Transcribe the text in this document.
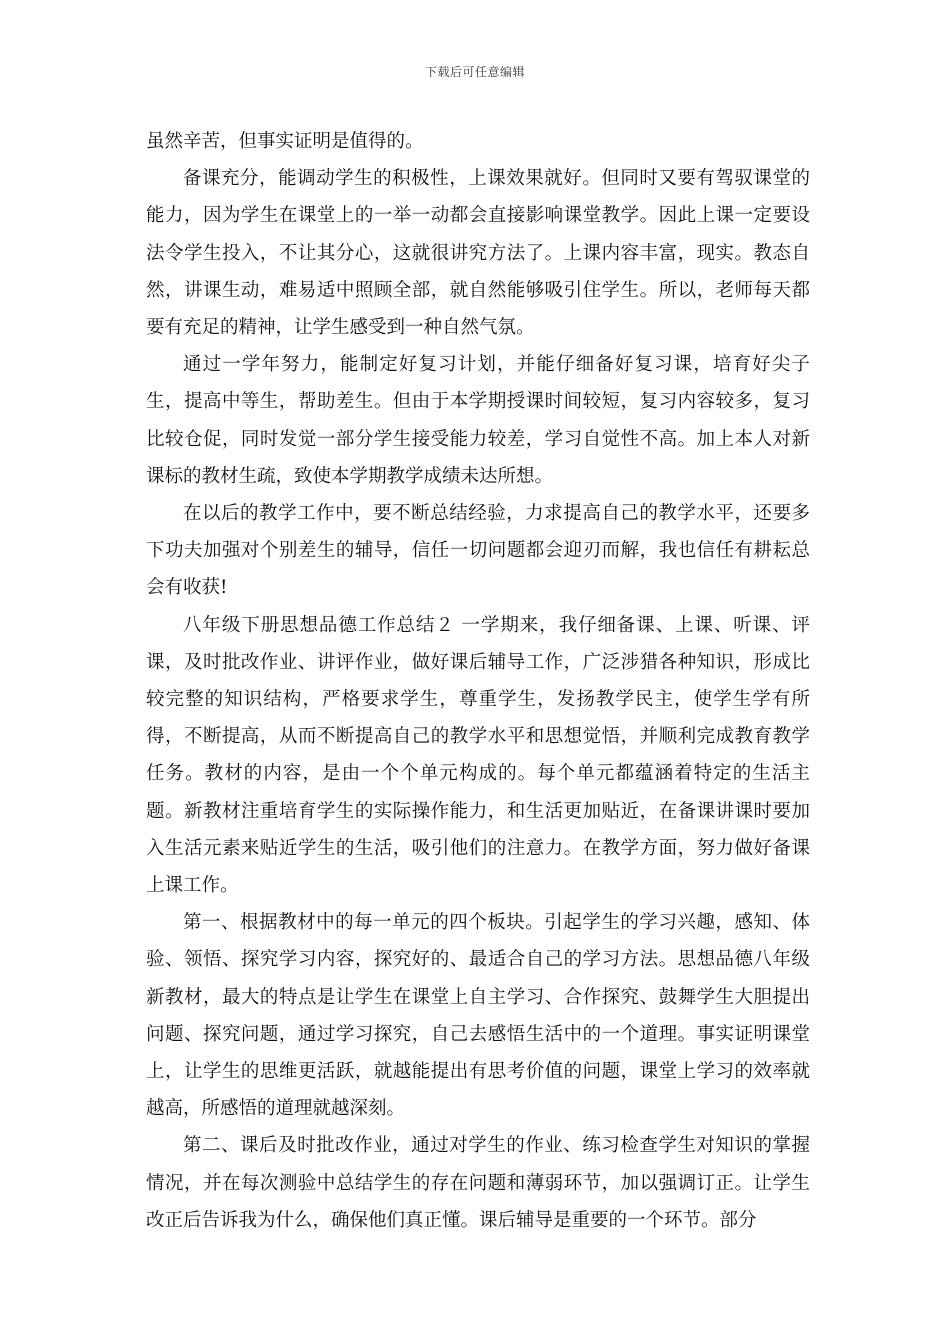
下载后可任意编辑

虽然辛苦，但事实证明是值得的。

备课充分，能调动学生的积极性，上课效果就好。但同时又要有驾驭课堂的能力，因为学生在课堂上的一举一动都会直接影响课堂教学。因此上课一定要设法令学生投入，不让其分心，这就很讲究方法了。上课内容丰富，现实。教态自然，讲课生动，难易适中照顾全部，就自然能够吸引住学生。所以，老师每天都要有充足的精神，让学生感受到一种自然气氛。

通过一学年努力，能制定好复习计划，并能仔细备好复习课，培育好尖子生，提高中等生，帮助差生。但由于本学期授课时间较短，复习内容较多，复习比较仓促，同时发觉一部分学生接受能力较差，学习自觉性不高。加上本人对新课标的教材生疏，致使本学期教学成绩未达所想。

在以后的教学工作中，要不断总结经验，力求提高自己的教学水平，还要多下功夫加强对个别差生的辅导，信任一切问题都会迎刃而解，我也信任有耕耘总会有收获!

八年级下册思想品德工作总结２ 一学期来，我仔细备课、上课、听课、评课，及时批改作业、讲评作业，做好课后辅导工作，广泛涉猎各种知识，形成比较完整的知识结构，严格要求学生，尊重学生，发扬教学民主，使学生学有所得，不断提高，从而不断提高自己的教学水平和思想觉悟，并顺利完成教育教学任务。教材的内容，是由一个个单元构成的。每个单元都蕴涵着特定的生活主题。新教材注重培育学生的实际操作能力，和生活更加贴近，在备课讲课时要加入生活元素来贴近学生的生活，吸引他们的注意力。在教学方面，努力做好备课上课工作。

第一、根据教材中的每一单元的四个板块。引起学生的学习兴趣，感知、体验、领悟、探究学习内容，探究好的、最适合自己的学习方法。思想品德八年级新教材，最大的特点是让学生在课堂上自主学习、合作探究、鼓舞学生大胆提出问题、探究问题，通过学习探究，自己去感悟生活中的一个道理。事实证明课堂上，让学生的思维更活跃，就越能提出有思考价值的问题，课堂上学习的效率就越高，所感悟的道理就越深刻。

第二、课后及时批改作业，通过对学生的作业、练习检查学生对知识的掌握情况，并在每次测验中总结学生的存在问题和薄弱环节，加以强调订正。让学生改正后告诉我为什么，确保他们真正懂。课后辅导是重要的一个环节。部分
